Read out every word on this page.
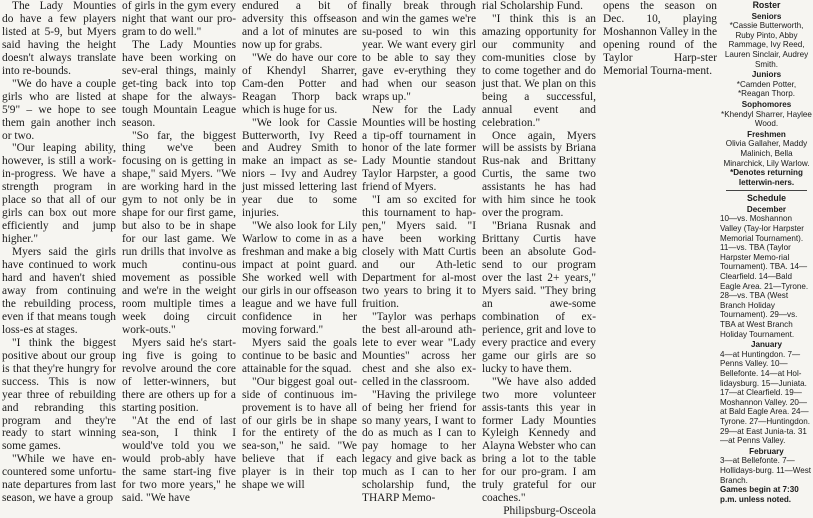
The Lady Mounties do have a few players listed at 5-9, but Myers said having the height doesn't always translate into re-bounds.

"We do have a couple girls who are listed at 5'9" – we hope to see them gain another inch or two.

"Our leaping ability, however, is still a work-in-progress. We have a strength program in place so that all of our girls can box out more efficiently and jump higher."

Myers said the girls have continued to work hard and haven't shied away from continuing the rebuilding process, even if that means tough loss-es at stages.

"I think the biggest positive about our group is that they're hungry for success. This is now year three of rebuilding and rebranding this program and they're ready to start winning some games.

"While we have en-countered some unfortu-nate departures from last season, we have a group

of girls in the gym every night that want our pro-gram to do well."

The Lady Mounties have been working on sev-eral things, mainly get-ting back into top shape for the always-tough Mountain League season.

"So far, the biggest thing we've been focusing on is getting in shape," said Myers. "We are working hard in the gym to not only be in shape for our first game, but also to be in shape for our last game. We run drills that involve as much continu-ous movement as possible and we're in the weight room multiple times a week doing circuit work-outs."

Myers said he's start-ing five is going to revolve around the core of letter-winners, but there are others up for a starting position.

"At the end of last sea-son, I think I would've told you we would prob-ably have the same start-ing five for two more years," he said. "We have

endured a bit of adversity this offseason and a lot of minutes are now up for grabs.

"We do have our core of Khendyl Sharrer, Cam-den Potter and Reagan Thorp back which is huge for us.

"We look for Cassie Butterworth, Ivy Reed and Audrey Smith to make an impact as se-niors – Ivy and Audrey just missed lettering last year due to some injuries.

"We also look for Lily Warlow to come in as a freshman and make a big impact at point guard. She worked well with our girls in our offseason league and we have full confidence in her moving forward."

Myers said the goals continue to be basic and attainable for the squad.

"Our biggest goal out-side of continuous im-provement is to have all of our girls be in shape for the entirety of the sea-son," he said. "We believe that if each player is in their top shape we will

finally break through and win the games we're su-posed to win this year. We want every girl to be able to say they gave ev-erything they had when our season wraps up."

New for the Lady Mounties will be hosting a tip-off tournament in honor of the late former Lady Mountie standout Taylor Harpster, a good friend of Myers.

"I am so excited for this tournament to hap-pen," Myers said. "I have been working closely with Matt Curtis and our Ath-letic Department for al-most two years to bring it to fruition.

"Taylor was perhaps the best all-around ath-lete to ever wear "Lady Mounties" across her chest and she also ex-celled in the classroom.

"Having the privilege of being her friend for so many years, I want to do as much as I can to pay homage to her legacy and give back as much as I can to her scholarship fund, the THARP Memo-

rial Scholarship Fund.

"I think this is an amazing opportunity for our community and com-munities close by to come together and do just that. We plan on this being a successful, annual event and celebration."

Once again, Myers will be assists by Briana Rus-nak and Brittany Curtis, the same two assistants he has had with him since he took over the program.

"Briana Rusnak and Brittany Curtis have been an absolute God-send to our program over the last 2+ years," Myers said. "They bring an awe-some combination of ex-perience, grit and love to every practice and every game our girls are so lucky to have them.

"We have also added two more volunteer assis-tants this year in former Lady Mounties Kyleigh Kennedy and Alayna Webster who can bring a lot to the table for our pro-gram. I am truly grateful for our coaches."

Philipsburg-Osceola

opens the season on Dec. 10, playing Moshannon Valley in the opening round of the Taylor Harp-ster Memorial Tourna-ment.

Roster
Seniors
*Cassie Butterworth, Ruby Pinto, Abby Rammage, Ivy Reed, Lauren Sinclair, Audrey Smith.
Juniors
*Camden Potter, *Reagan Thorp.
Sophomores
*Khendyl Sharrer, Haylee Wood.
Freshmen
Olivia Gallaher, Maddy Malinich, Bella Minarchick, Lily Warlow.
*Denotes returning letterwin-ners.
Schedule
December
10—vs. Moshannon Valley (Tay-lor Harpster Memorial Tournament). 11—vs. TBA (Taylor Harpster Memo-rial Tournament). TBA. 14—Clearfield. 14—Bald Eagle Area. 21—Tyrone. 28—vs. TBA (West Branch Holiday Tournament). 29—vs. TBA at West Branch Holiday Tournament.
January
4—at Huntingdon. 7—Penns Valley. 10—Bellefonte. 14—at Hol-lidaysburg. 15—Juniata. 17—at Clearfield. 19—Moshannon Valley. 20—at Bald Eagle Area. 24—Tyrone. 27—Huntingdon. 29—at East Junia-ta. 31—at Penns Valley.
February
3—at Bellefonte. 7—Hollidays-burg. 11—West Branch.
Games begin at 7:30 p.m. unless noted.
